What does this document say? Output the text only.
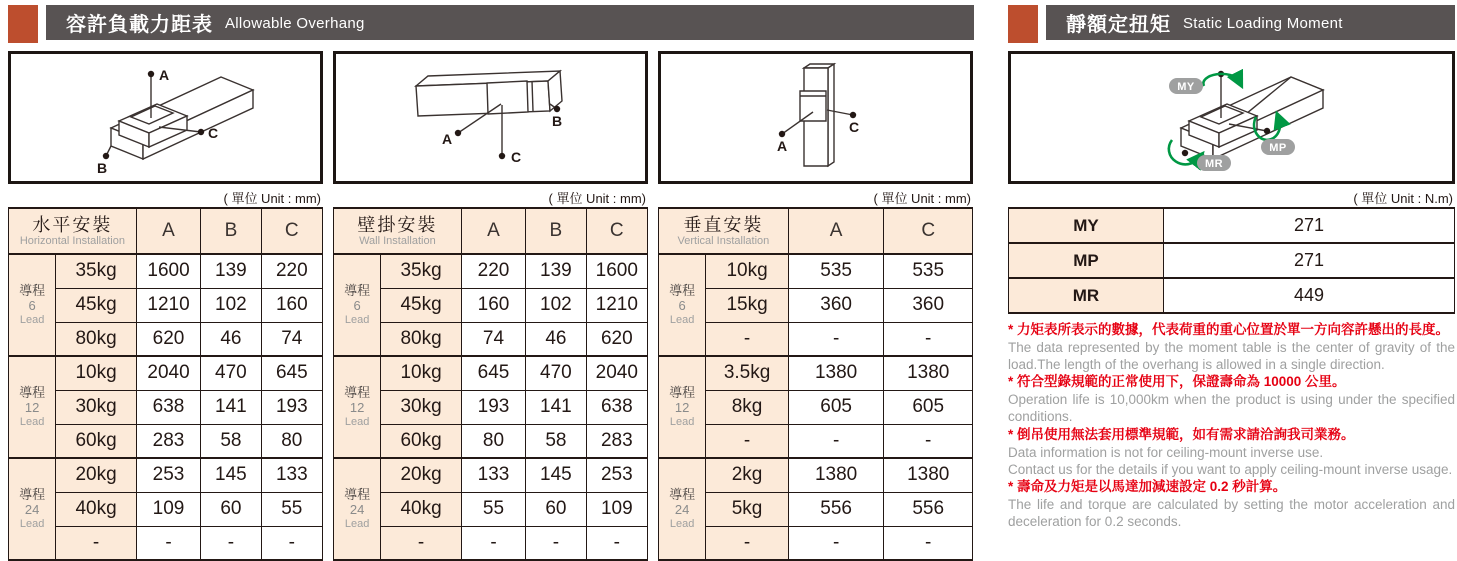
容許負載力距表 Allowable Overhang
A
B
C
( 單位 Unit : mm)
水平安裝
Horizontal Installation		A	B	C

導程
6
Lead	35kg	1600	139	220
	45kg	1210	102	160
	80kg	620	46	74

導程
12
Lead	10kg	2040	470	645
	30kg	638	141	193
	60kg	283	58	80

導程
24
Lead	20kg	253	145	133
	40kg	109	60	55
	-	-	-	-
A
B
C
( 單位 Unit : mm)
壁掛安裝
Wall Installation		A	B	C

導程
6
Lead	35kg	220	139	1600
	45kg	160	102	1210
	80kg	74	46	620

導程
12
Lead	10kg	645	470	2040
	30kg	193	141	638
	60kg	80	58	283

導程
24
Lead	20kg	133	145	253
	40kg	55	60	109
	-	-	-	-
A
C
( 單位 Unit : mm)
垂直安裝
Vertical Installation		A	C

導程
6
Lead	10kg	535	535
	15kg	360	360
	-	-	-

導程
12
Lead	3.5kg	1380	1380
	8kg	605	605
	-	-	-

導程
24
Lead	2kg	1380	1380
	5kg	556	556
	-	-	-
靜額定扭矩 Static Loading Moment
MY
MP
MR
( 單位 Unit : N.m)
MY	271
MP	271
MR	449

* 力矩表所表示的數據，代表荷重的重心位置於單一方向容許懸出的長度。

The data represented by the moment table is the center of gravity of the load.The length of the overhang is allowed in a single direction.

* 符合型錄規範的正常使用下，保證壽命為 10000 公里。

Operation life is 10,000km when the product is using under the specified conditions.

* 倒吊使用無法套用標準規範，如有需求請洽詢我司業務。

Data information is not for ceiling-mount inverse use.

Contact us for the details if you want to apply ceiling-mount inverse usage.

* 壽命及力矩是以馬達加減速設定 0.2 秒計算。

The life and torque are calculated by setting the motor acceleration and deceleration for 0.2 seconds.
